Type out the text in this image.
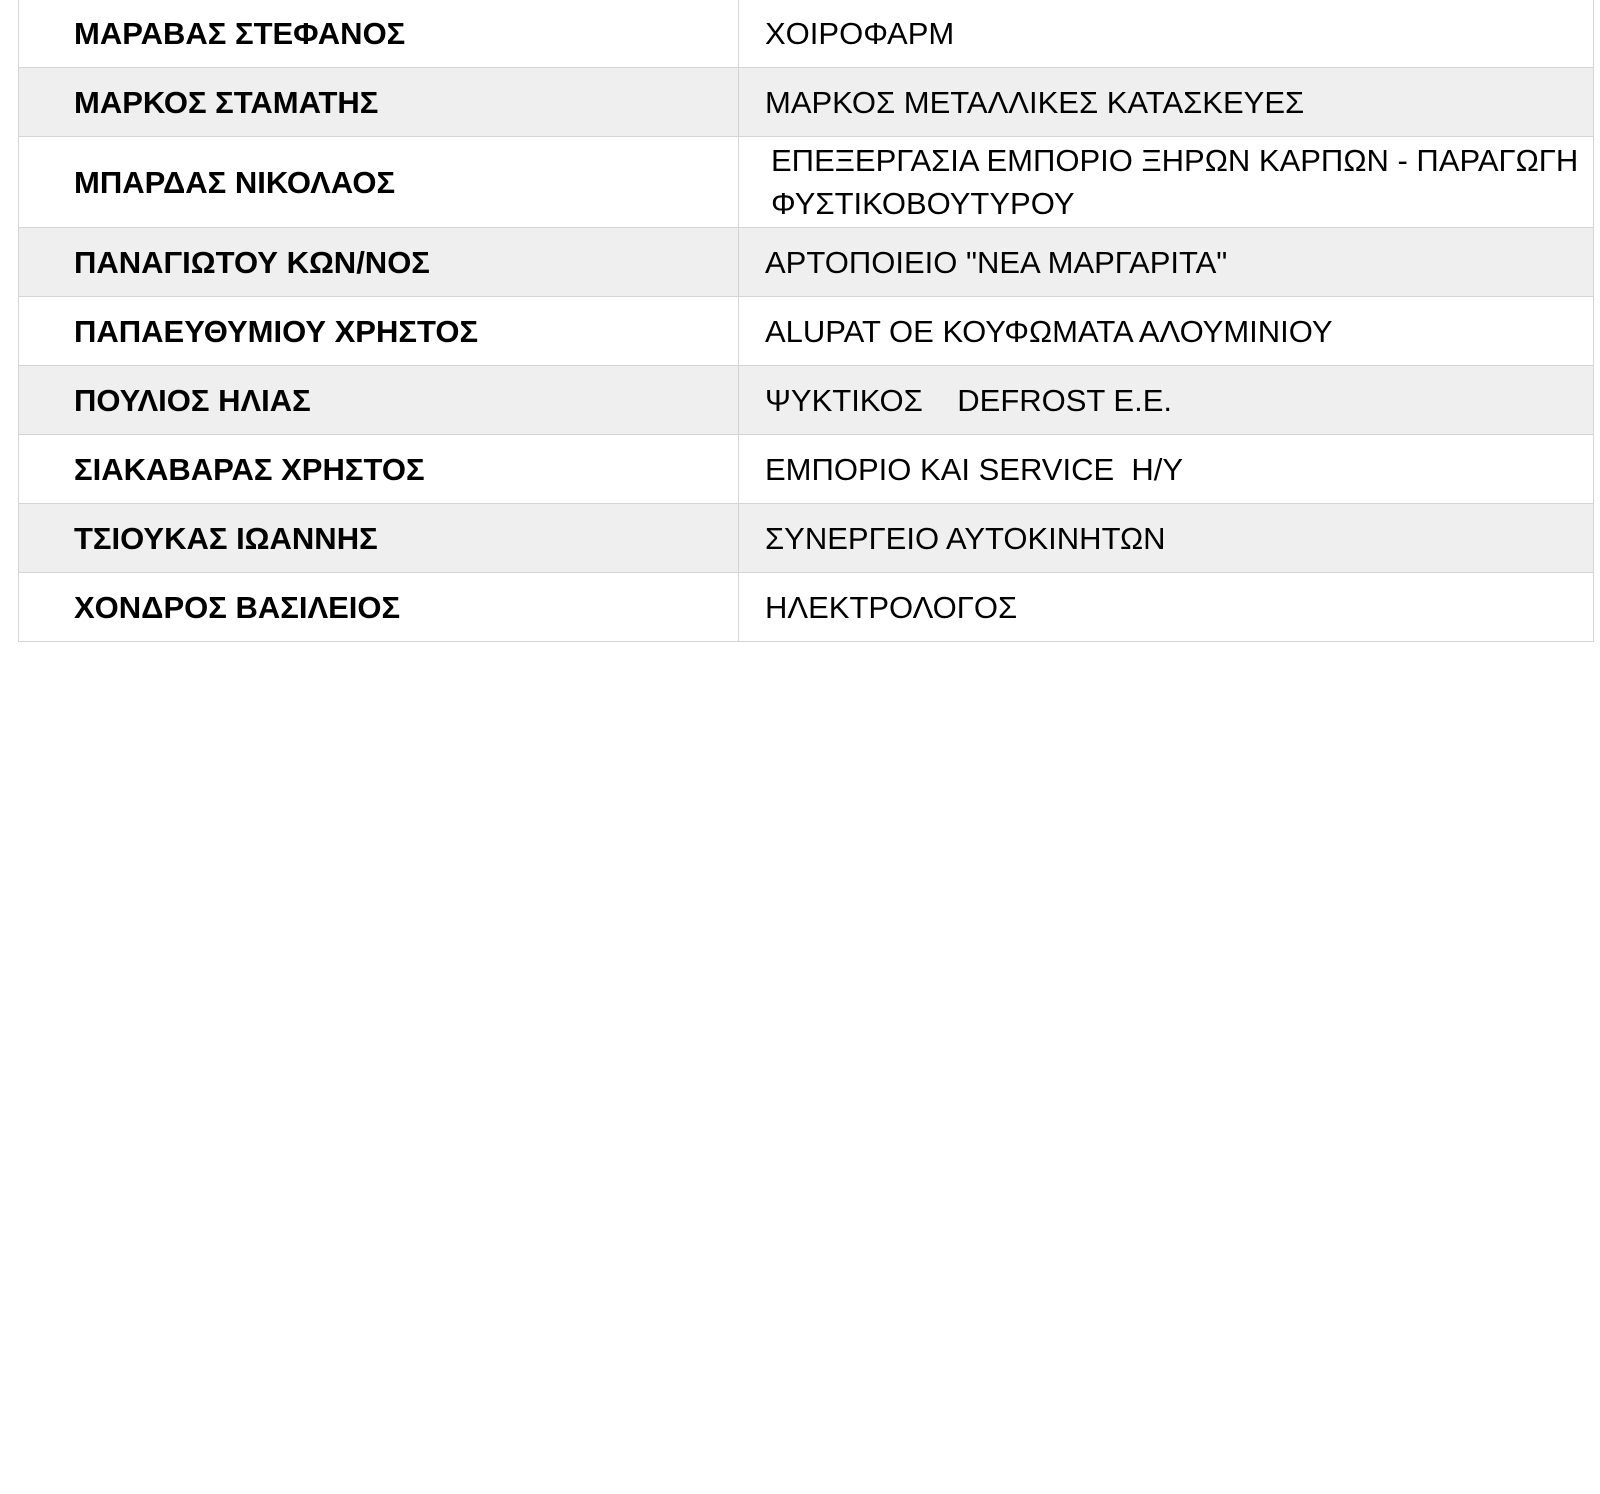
ΜΑΡΑΒΑΣ ΣΤΕΦΑΝΟΣ	ΧΟΙΡΟΦΑΡΜ
ΜΑΡΚΟΣ ΣΤΑΜΑΤΗΣ	ΜΑΡΚΟΣ ΜΕΤΑΛΛΙΚΕΣ ΚΑΤΑΣΚΕΥΕΣ
ΜΠΑΡΔΑΣ ΝΙΚΟΛΑΟΣ	ΕΠΕΞΕΡΓΑΣΙΑ ΕΜΠΟΡΙΟ ΞΗΡΩΝ ΚΑΡΠΩΝ - ΠΑΡΑΓΩΓΗ ΦΥΣΤΙΚΟΒΟΥΤΥΡΟΥ
ΠΑΝΑΓΙΩΤΟΥ ΚΩΝ/ΝΟΣ	ΑΡΤΟΠΟΙΕΙΟ "ΝΕΑ ΜΑΡΓΑΡΙΤΑ"
ΠΑΠΑΕΥΘΥΜΙΟΥ ΧΡΗΣΤΟΣ	ALUPAT ΟΕ ΚΟΥΦΩΜΑΤΑ ΑΛΟΥΜΙΝΙΟΥ
ΠΟΥΛΙΟΣ ΗΛΙΑΣ	ΨΥΚΤΙΚΟΣ    DEFROST E.E.
ΣΙΑΚΑΒΑΡΑΣ ΧΡΗΣΤΟΣ	ΕΜΠΟΡΙΟ ΚΑΙ SERVICE  Η/Υ
ΤΣΙΟΥΚΑΣ ΙΩΑΝΝΗΣ	ΣΥΝΕΡΓΕΙΟ ΑΥΤΟΚΙΝΗΤΩΝ
ΧΟΝΔΡΟΣ ΒΑΣΙΛΕΙΟΣ	ΗΛΕΚΤΡΟΛΟΓΟΣ
